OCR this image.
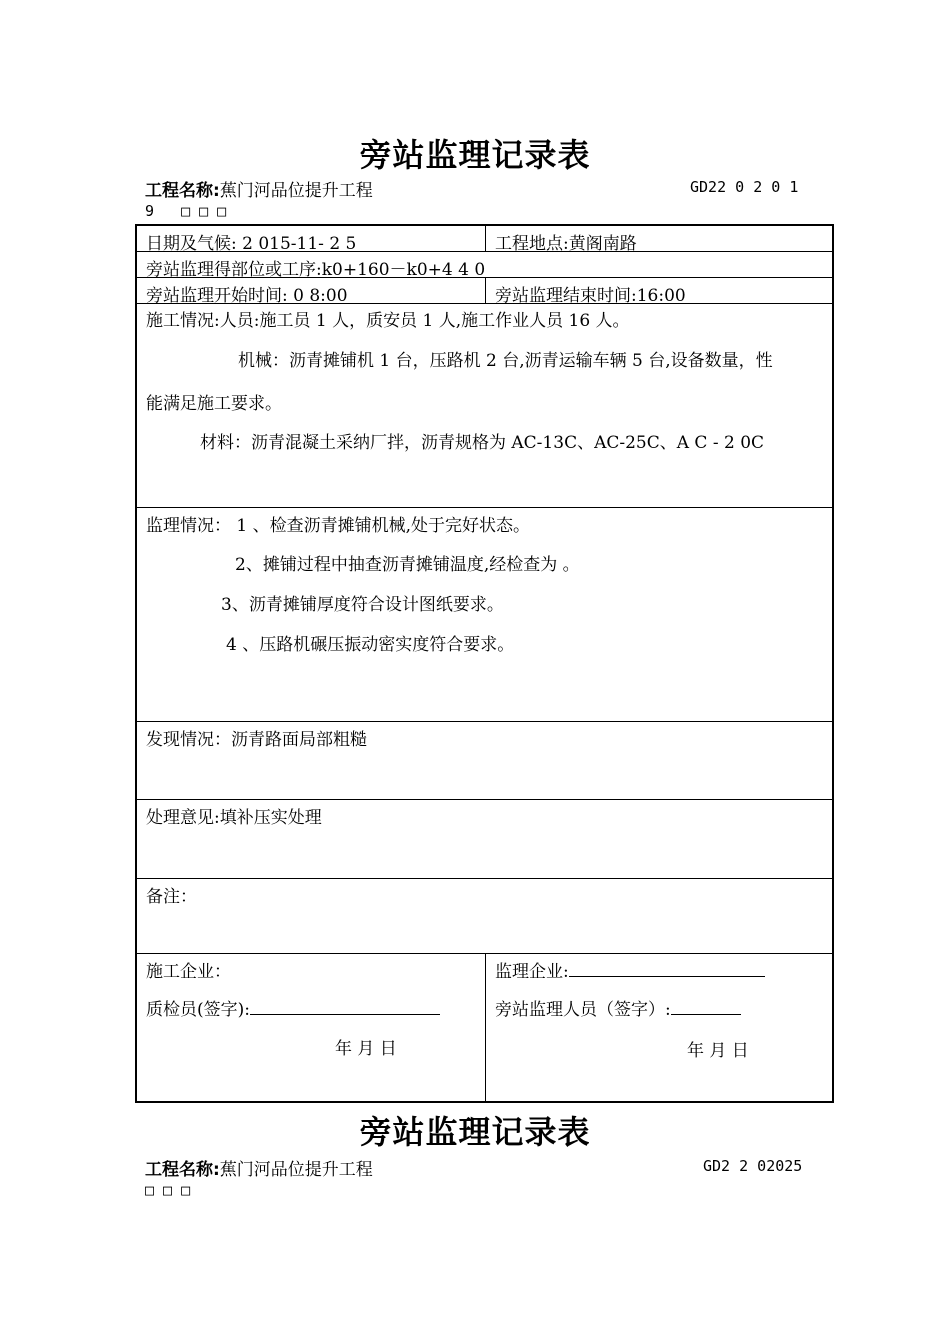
旁站监理记录表
工程名称:蕉门河品位提升工程	GD22 0 2 0 1
9 □ □ □
日期及气候: 2 015-11- 2 5	工程地点:黄阁南路
旁站监理得部位或工序:k0+160－k0+4 4 0
旁站监理开始时间: 0 8:00	旁站监理结束时间:16:00
施工情况:人员:施工员 1 人，质安员 1 人,施工作业人员 16 人。
机械：沥青摊铺机 1 台，压路机 2 台,沥青运输车辆 5 台,设备数量，性
能满足施工要求。
材料：沥青混凝土采纳厂拌，沥青规格为 AC-13C、AC-25C、A C - 2 0C
监理情况： 1 、检查沥青摊铺机械,处于完好状态。
2、摊铺过程中抽查沥青摊铺温度,经检查为 。
3、沥青摊铺厚度符合设计图纸要求。
4 、压路机碾压振动密实度符合要求。
发现情况：沥青路面局部粗糙
处理意见:填补压实处理
备注：
施工企业：
质检员(签字):
年 月 日
监理企业:
旁站监理人员（签字）:
年 月 日
旁站监理记录表
工程名称:蕉门河品位提升工程	GD2 2 02025
□ □ □
